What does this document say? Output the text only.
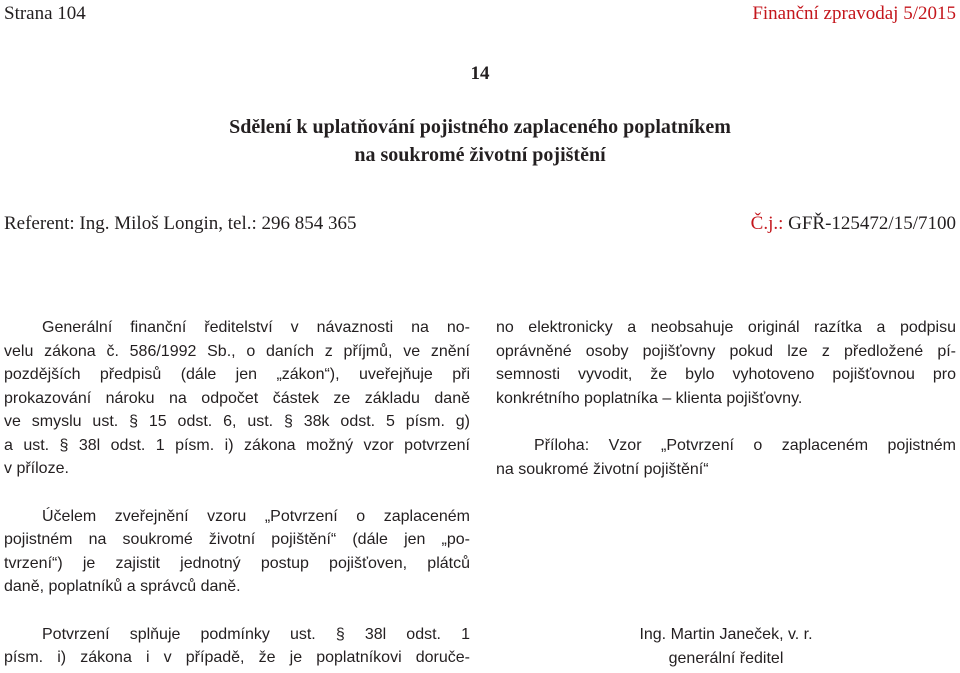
Strana 104	Finanční zpravodaj 5/2015
14
Sdělení k uplatňování pojistného zaplaceného poplatníkem
na soukromé životní pojištění
Referent: Ing. Miloš Longin, tel.: 296 854 365	Č.j.: GFŘ-125472/15/7100
Generální finanční ředitelství v návaznosti na no-
velu zákona č. 586/1992 Sb., o daních z příjmů, ve znění
pozdějších předpisů (dále jen „zákon“), uveřejňuje při
prokazování nároku na odpočet částek ze základu daně
ve smyslu ust. § 15 odst. 6, ust. § 38k odst. 5 písm. g)
a ust. § 38l odst. 1 písm. i) zákona možný vzor potvrzení
v příloze.
Účelem zveřejnění vzoru „Potvrzení o zaplaceném
pojistném na soukromé životní pojištění“ (dále jen „po-
tvrzení“) je zajistit jednotný postup pojišťoven, plátců
daně, poplatníků a správců daně.
Potvrzení splňuje podmínky ust. § 38l odst. 1
písm. i) zákona i v případě, že je poplatníkovi doruče-
no elektronicky a neobsahuje originál razítka a podpisu
oprávněné osoby pojišťovny pokud lze z předložené pí-
semnosti vyvodit, že bylo vyhotoveno pojišťovnou pro
konkrétního poplatníka – klienta pojišťovny.
Příloha: Vzor „Potvrzení o zaplaceném pojistném
na soukromé životní pojištění“
Ing. Martin Janeček, v. r.
generální ředitel
